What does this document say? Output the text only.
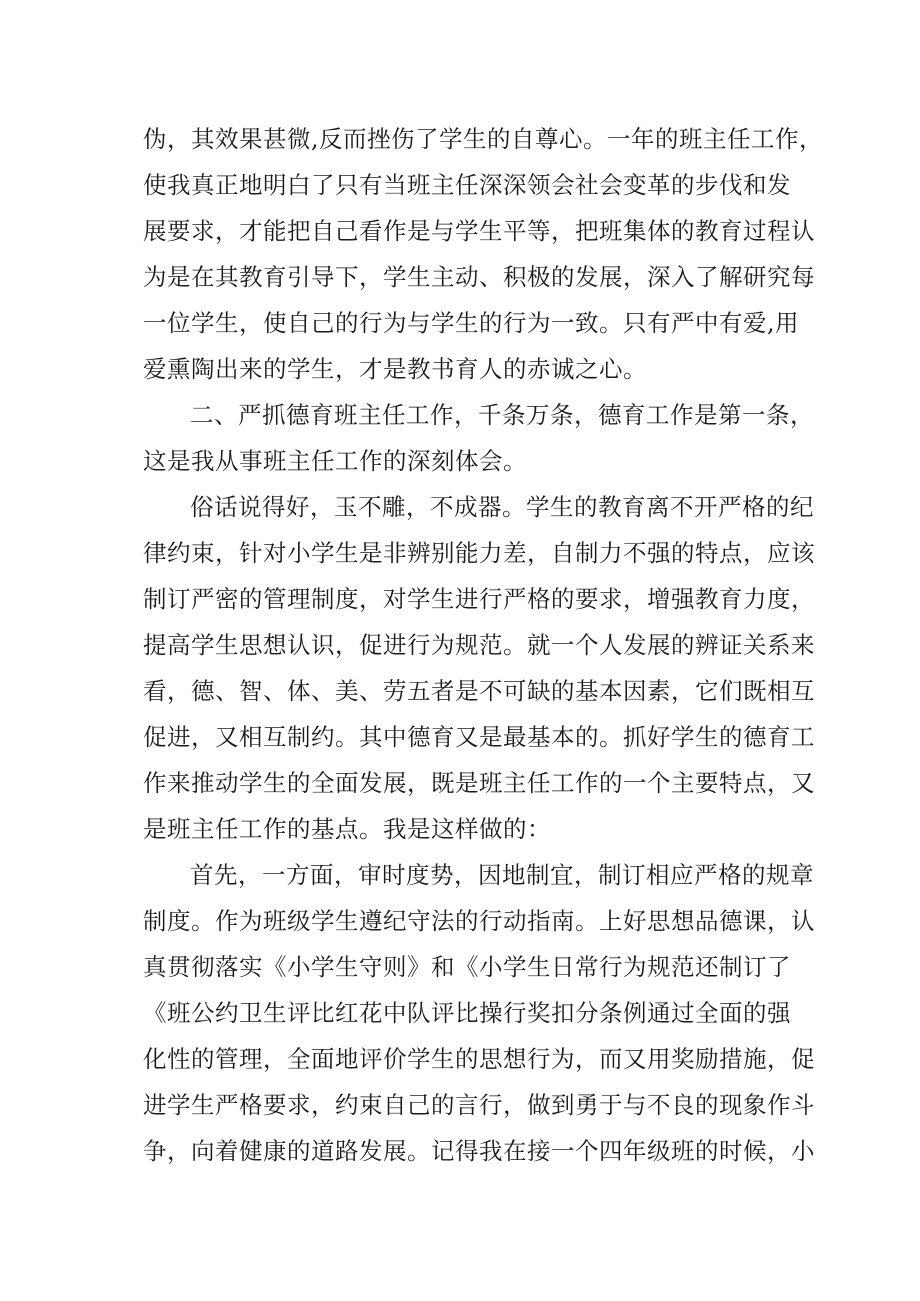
伪，其效果甚微,反而挫伤了学生的自尊心。一年的班主任工作，
使我真正地明白了只有当班主任深深领会社会变革的步伐和发
展要求，才能把自己看作是与学生平等，把班集体的教育过程认
为是在其教育引导下，学生主动、积极的发展，深入了解研究每
一位学生，使自己的行为与学生的行为一致。只有严中有爱,用
爱熏陶出来的学生，才是教书育人的赤诚之心。
二、严抓德育班主任工作，千条万条，德育工作是第一条，
这是我从事班主任工作的深刻体会。
俗话说得好，玉不雕，不成器。学生的教育离不开严格的纪
律约束，针对小学生是非辨别能力差，自制力不强的特点，应该
制订严密的管理制度，对学生进行严格的要求，增强教育力度，
提高学生思想认识，促进行为规范。就一个人发展的辨证关系来
看，德、智、体、美、劳五者是不可缺的基本因素，它们既相互
促进，又相互制约。其中德育又是最基本的。抓好学生的德育工
作来推动学生的全面发展，既是班主任工作的一个主要特点，又
是班主任工作的基点。我是这样做的：
首先，一方面，审时度势，因地制宜，制订相应严格的规章
制度。作为班级学生遵纪守法的行动指南。上好思想品德课，认
真贯彻落实《小学生守则》和《小学生日常行为规范还制订了
《班公约卫生评比红花中队评比操行奖扣分条例通过全面的强
化性的管理，全面地评价学生的思想行为，而又用奖励措施，促
进学生严格要求，约束自己的言行，做到勇于与不良的现象作斗
争，向着健康的道路发展。记得我在接一个四年级班的时候，小
